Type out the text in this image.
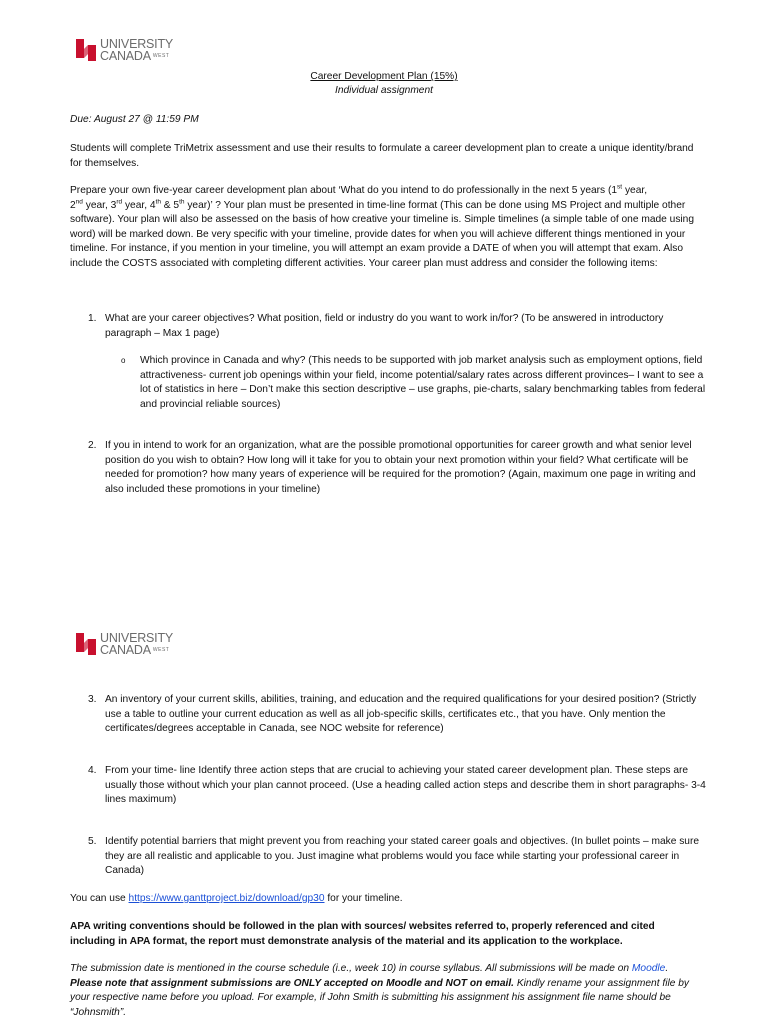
UNIVERSITY
CANADA $^{WEST}$
Career Development Plan (15%)
Individual assignment
Due: August 27 @ 11:59 PM
Students will complete TriMetrix assessment and use their results to formulate a career development plan to create a unique identity/brand for themselves.
Prepare your own five-year career development plan about ‘What do you intend to do professionally in the next 5 years (1st year,
2nd year, 3rd year, 4th & 5th year)’ ? Your plan must be presented in time-line format (This can be done using MS Project and multiple other software). Your plan will also be assessed on the basis of how creative your timeline is. Simple timelines (a simple table of one made using word) will be marked down. Be very specific with your timeline, provide dates for when you will achieve different things mentioned in your timeline. For instance, if you mention in your timeline, you will attempt an exam provide a DATE of when you will attempt that exam. Also include the COSTS associated with completing different activities. Your career plan must address and consider the following items:
1. What are your career objectives? What position, field or industry do you want to work in/for? (To be answered in introductory paragraph – Max 1 page)
o	Which province in Canada and why? (This needs to be supported with job market analysis such as employment options, field attractiveness- current job openings within your field, income potential/salary rates across different provinces– I want to see a lot of statistics in here – Don’t make this section descriptive – use graphs, pie-charts, salary benchmarking tables from federal and provincial reliable sources)
2. If you in intend to work for an organization, what are the possible promotional opportunities for career growth and what senior level position do you wish to obtain? How long will it take for you to obtain your next promotion within your field? What certificate will be needed for promotion? how many years of experience will be required for the promotion? (Again, maximum one page in writing and also included these promotions in your timeline)
UNIVERSITY
CANADA $^{WEST}$
3. An inventory of your current skills, abilities, training, and education and the required qualifications for your desired position? (Strictly use a table to outline your current education as well as all job-specific skills, certificates etc., that you have. Only mention the certificates/degrees acceptable in Canada, see NOC website for reference)
4. From your time- line Identify three action steps that are crucial to achieving your stated career development plan. These steps are usually those without which your plan cannot proceed. (Use a heading called action steps and describe them in short paragraphs- 3-4 lines maximum)
5. Identify potential barriers that might prevent you from reaching your stated career goals and objectives. (In bullet points – make sure they are all realistic and applicable to you. Just imagine what problems would you face while starting your professional career in Canada)
You can use https://www.ganttproject.biz/download/gp30 for your timeline.
APA writing conventions should be followed in the plan with sources/ websites referred to, properly referenced and cited including in APA format, the report must demonstrate analysis of the material and its application to the workplace.
The submission date is mentioned in the course schedule (i.e., week 10) in course syllabus. All submissions will be made on Moodle. Please note that assignment submissions are ONLY accepted on Moodle and NOT on email. Kindly rename your assignment file by your respective name before you upload. For example, if John Smith is submitting his assignment his assignment file name should be “Johnsmith”.
